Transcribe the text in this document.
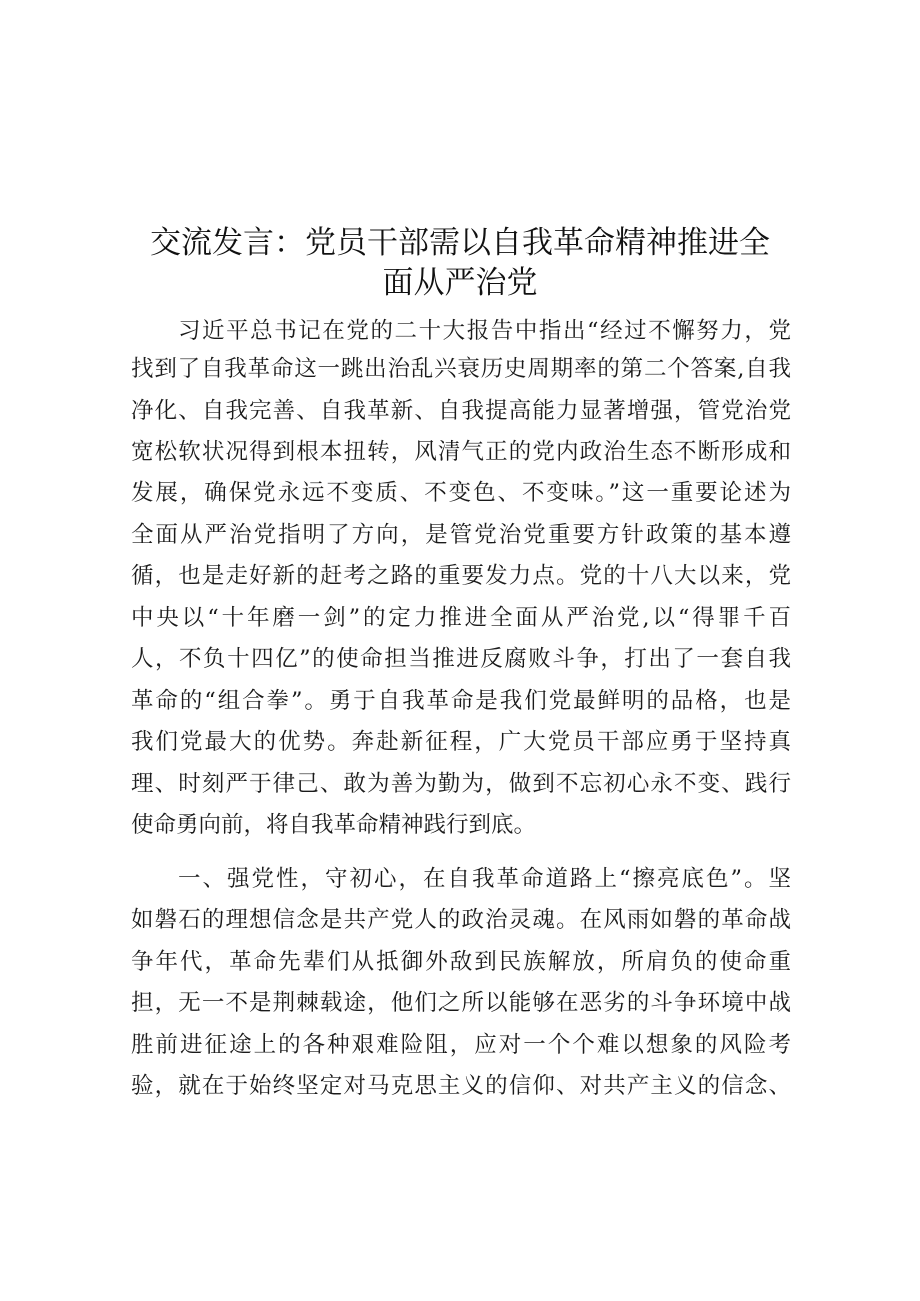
交流发言：党员干部需以自我革命精神推进全
面从严治党
习近平总书记在党的二十大报告中指出“经过不懈努力，党
找到了自我革命这一跳出治乱兴衰历史周期率的第二个答案,自我
净化、自我完善、自我革新、自我提高能力显著增强，管党治党
宽松软状况得到根本扭转，风清气正的党内政治生态不断形成和
发展，确保党永远不变质、不变色、不变味。”这一重要论述为
全面从严治党指明了方向，是管党治党重要方针政策的基本遵
循，也是走好新的赶考之路的重要发力点。党的十八大以来，党
中央以“十年磨一剑”的定力推进全面从严治党,以“得罪千百
人，不负十四亿”的使命担当推进反腐败斗争，打出了一套自我
革命的“组合拳”。勇于自我革命是我们党最鲜明的品格，也是
我们党最大的优势。奔赴新征程，广大党员干部应勇于坚持真
理、时刻严于律己、敢为善为勤为，做到不忘初心永不变、践行
使命勇向前，将自我革命精神践行到底。
一、强党性，守初心，在自我革命道路上“擦亮底色”。坚
如磐石的理想信念是共产党人的政治灵魂。在风雨如磐的革命战
争年代，革命先辈们从抵御外敌到民族解放，所肩负的使命重
担，无一不是荆棘载途，他们之所以能够在恶劣的斗争环境中战
胜前进征途上的各种艰难险阻，应对一个个难以想象的风险考
验，就在于始终坚定对马克思主义的信仰、对共产主义的信念、
